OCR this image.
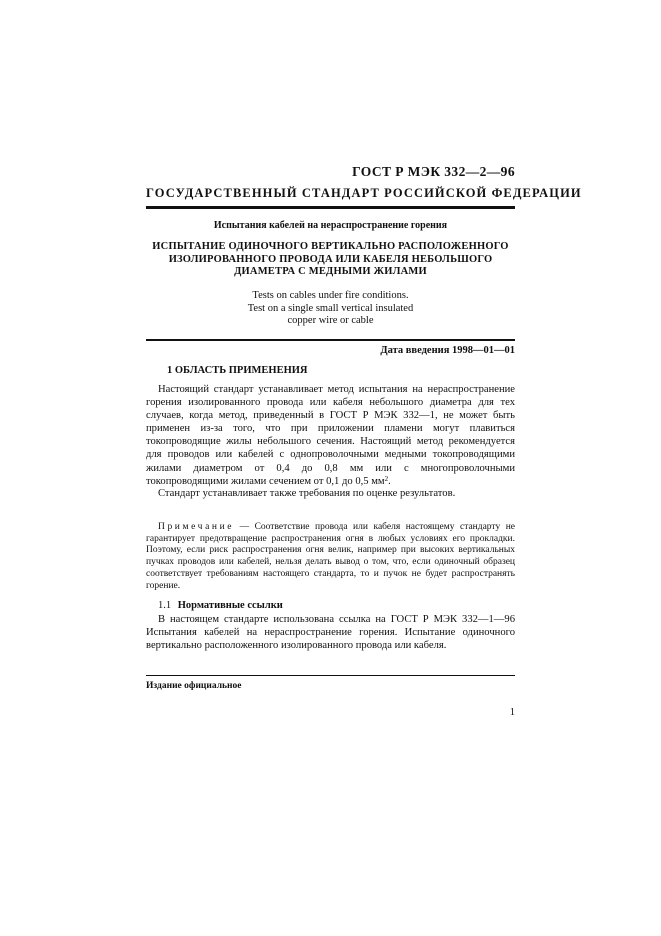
ГОСТ Р МЭК 332—2—96
ГОСУДАРСТВЕННЫЙ СТАНДАРТ РОССИЙСКОЙ ФЕДЕРАЦИИ
Испытания кабелей на нераспространение горения
ИСПЫТАНИЕ ОДИНОЧНОГО ВЕРТИКАЛЬНО РАСПОЛОЖЕННОГО
ИЗОЛИРОВАННОГО ПРОВОДА ИЛИ КАБЕЛЯ НЕБОЛЬШОГО
ДИАМЕТРА С МЕДНЫМИ ЖИЛАМИ
Tests on cables under fire conditions.
Test on a single small vertical insulated
copper wire or cable
Дата введения 1998—01—01
1 ОБЛАСТЬ ПРИМЕНЕНИЯ

Настоящий стандарт устанавливает метод испытания на нераспространение горения изолированного провода или кабеля небольшого диаметра для тех случаев, когда метод, приведенный в ГОСТ Р МЭК 332—1, не может быть применен из-за того, что при приложении пламени могут плавиться токопроводящие жилы небольшого сечения. Настоящий метод рекомендуется для проводов или кабелей с однопроволочными медными токопроводящими жилами диаметром от 0,4 до 0,8 мм или с многопроволочными токопроводящими жилами сечением от 0,1 до 0,5 $мм^2$.

Стандарт устанавливает также требования по оценке результатов.

Примечание — Соответствие провода или кабеля настоящему стандарту не гарантирует предотвращение распространения огня в любых условиях его прокладки. Поэтому, если риск распространения огня велик, например при высоких вертикальных пучках проводов или кабелей, нельзя делать вывод о том, что, если одиночный образец соответствует требованиям настоящего стандарта, то и пучок не будет распространять горение.
1.1 Нормативные ссылки

В настоящем стандарте использована ссылка на ГОСТ Р МЭК 332—1—96 Испытания кабелей на нераспространение горения. Испытание одиночного вертикально расположенного изолированного провода или кабеля.

Издание официальное
1
